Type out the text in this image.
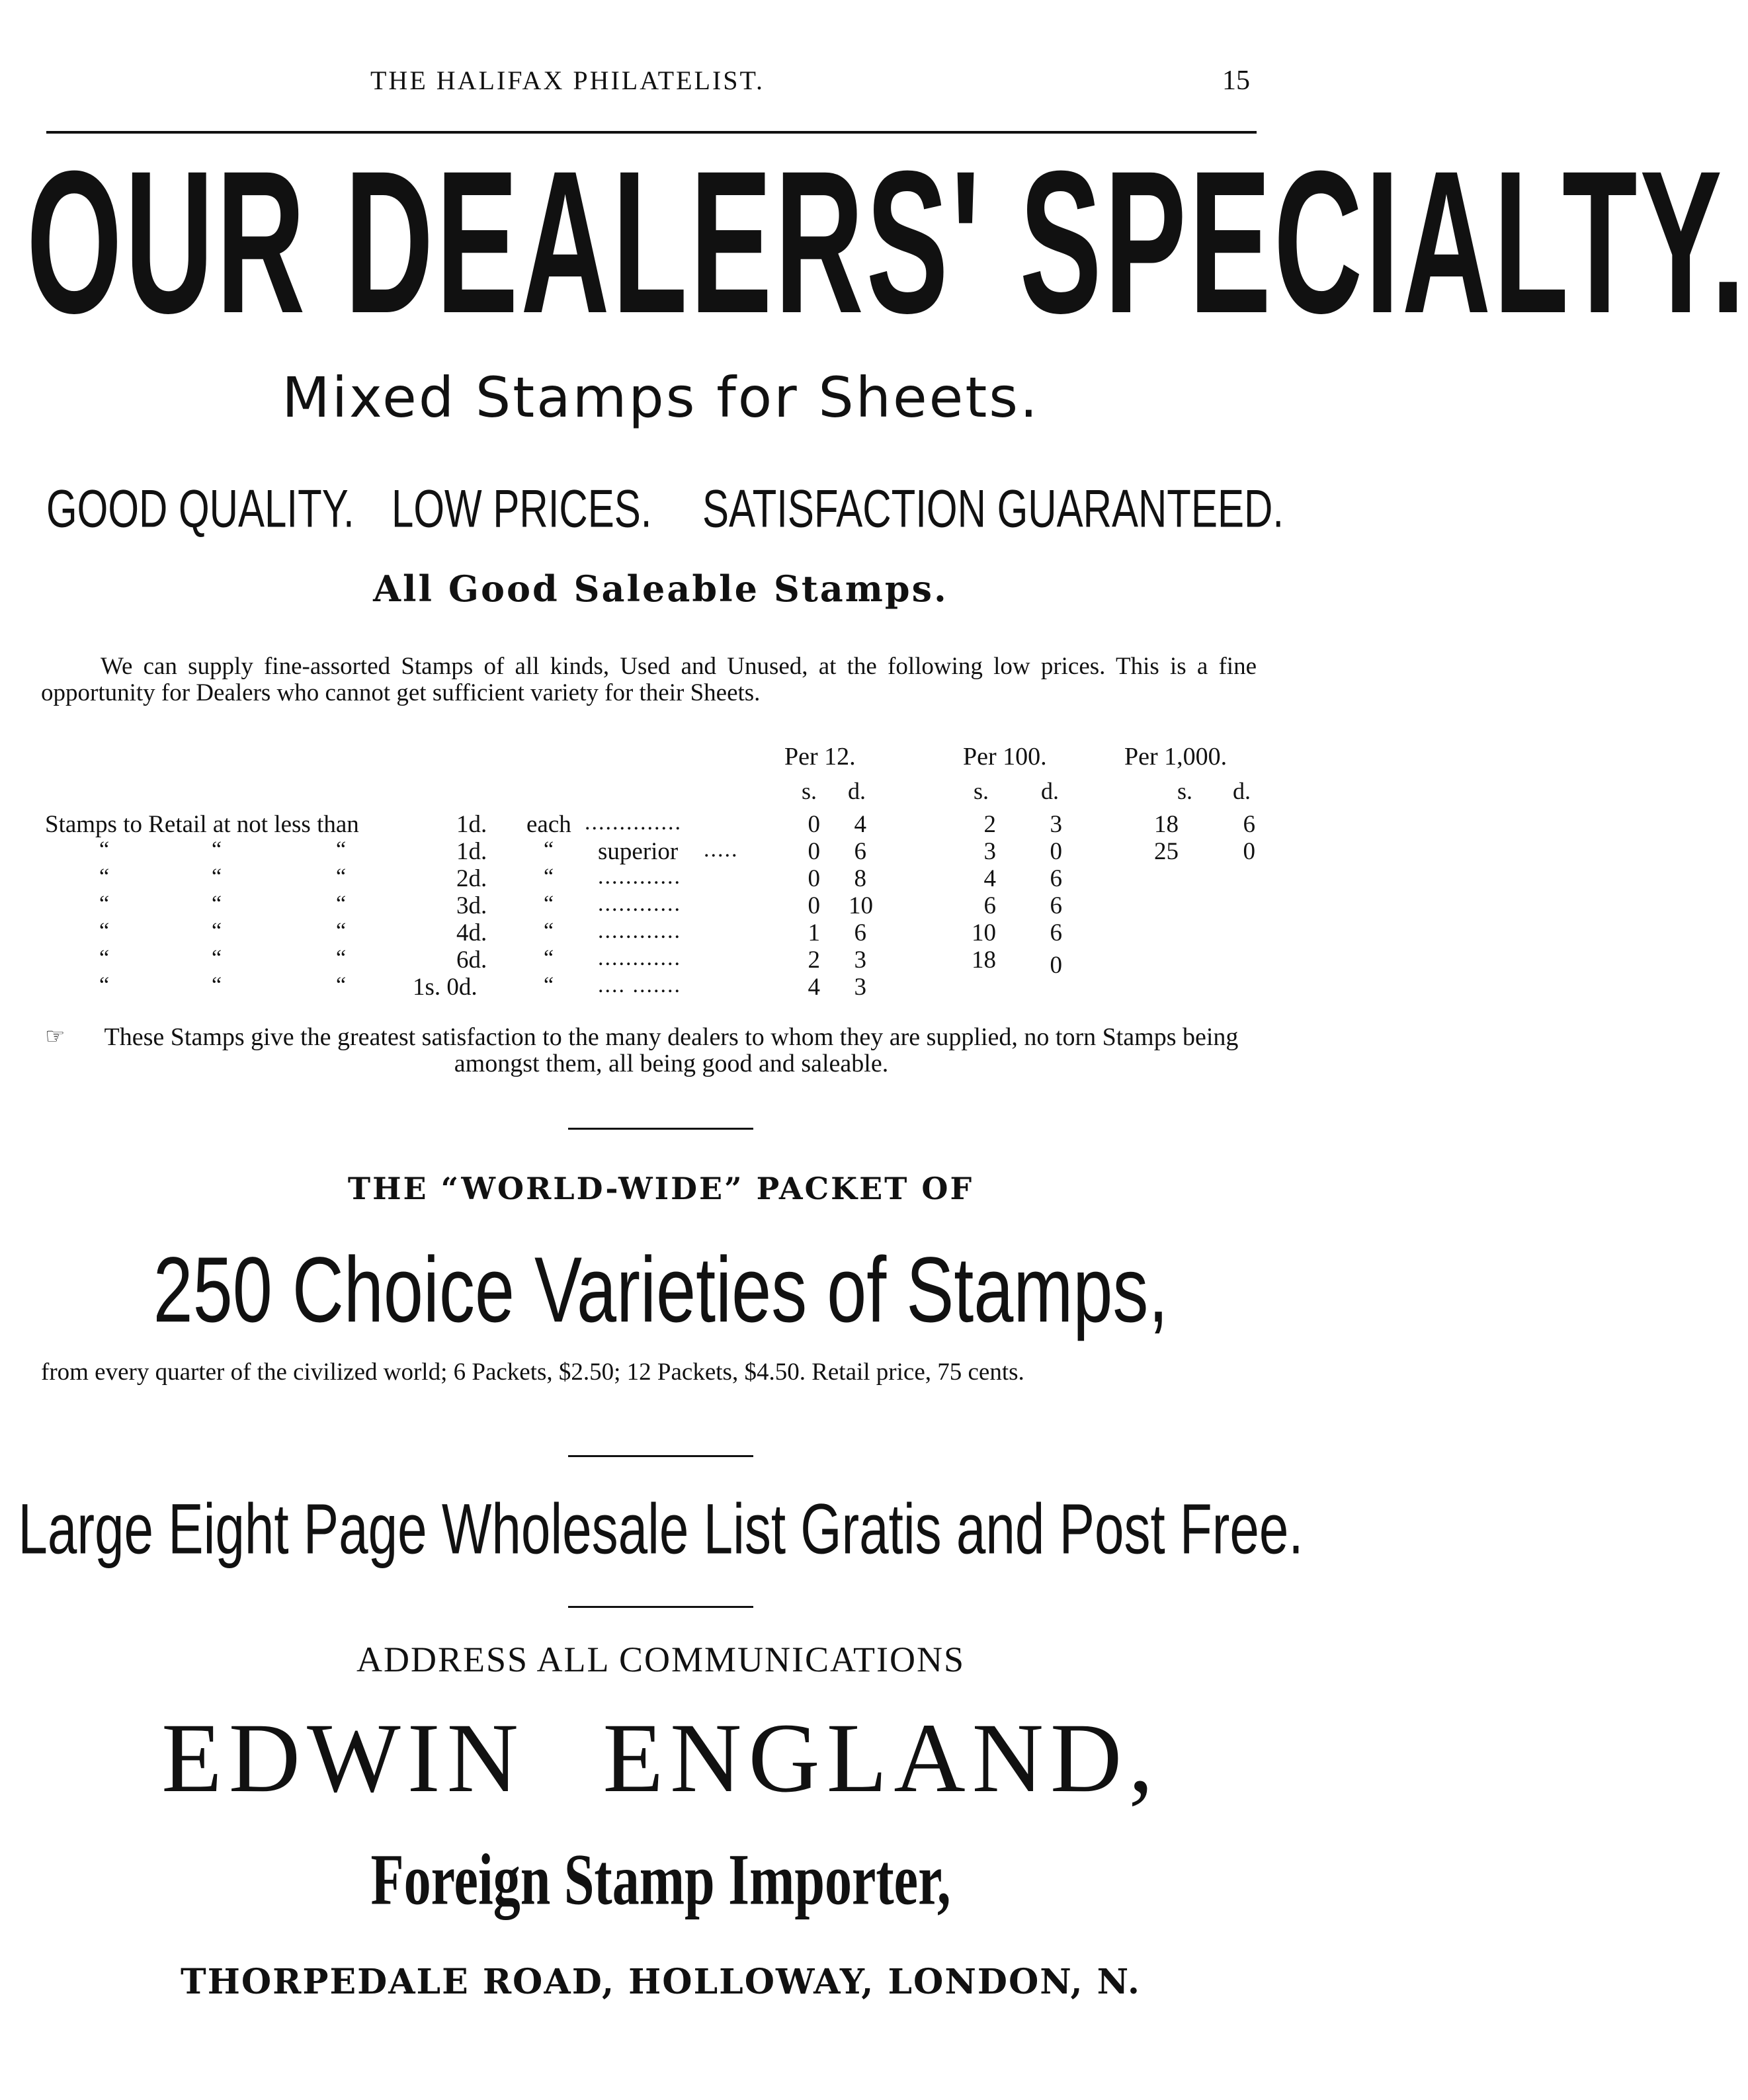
THE HALIFAX PHILATELIST.	15
OUR DEALERS' SPECIALTY.
Mixed Stamps for Sheets.
GOOD QUALITY. LOW PRICES. SATISFACTION GUARANTEED.
All Good Saleable Stamps.
We can supply fine-assorted Stamps of all kinds, Used and Unused, at the following low prices. This is a fine opportunity for Dealers who cannot get sufficient variety for their Sheets.
Per 12.	Per 100.	Per 1,000.
s. d.	s. d.	s. d.
Stamps to Retail at not less than	1d. each ..............	0	4	2	3	18	6
“	“	“	1d.	“ superior .....	0	6	3	0	25	0
“	“	“	2d.	“ ............	0	8	4	6
“	“	“	3d.	“ ............	0	10	6	6
“	“	“	4d.	“ ............	1	6	10	6
“	“	“	6d.	“ ............	2	3	18	0
“	“	“	1s. 0d.	“ .... .......	4	3
☞ These Stamps give the greatest satisfaction to the many dealers to whom they are supplied, no torn Stamps being amongst them, all being good and saleable.
THE “WORLD-WIDE” PACKET OF
250 Choice Varieties of Stamps,
from every quarter of the civilized world; 6 Packets, $2.50; 12 Packets, $4.50. Retail price, 75 cents.
Large Eight Page Wholesale List Gratis and Post Free.
ADDRESS ALL COMMUNICATIONS
EDWIN ENGLAND,
Foreign Stamp Importer,
THORPEDALE ROAD, HOLLOWAY, LONDON, N.
